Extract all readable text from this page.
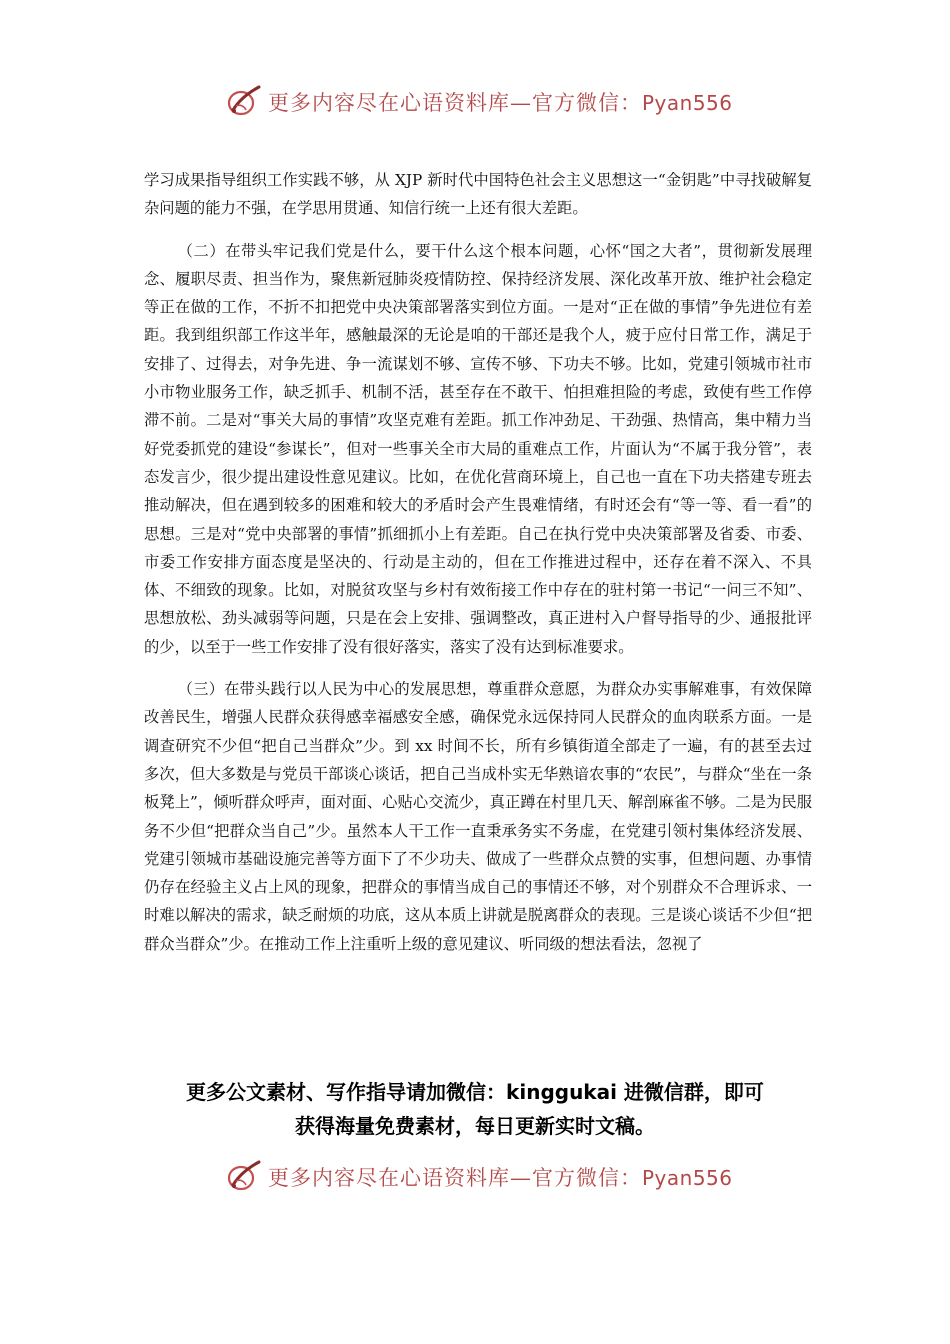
更多内容尽在心语资料库—官方微信：Pyan556

学习成果指导组织工作实践不够，从 XJP 新时代中国特色社会主义思想这一“金钥匙”中寻找破解复杂问题的能力不强，在学思用贯通、知信行统一上还有很大差距。

（二）在带头牢记我们党是什么，要干什么这个根本问题，心怀“国之大者”，贯彻新发展理念、履职尽责、担当作为，聚焦新冠肺炎疫情防控、保持经济发展、深化改革开放、维护社会稳定等正在做的工作，不折不扣把党中央决策部署落实到位方面。一是对“正在做的事情”争先进位有差距。我到组织部工作这半年，感触最深的无论是咱的干部还是我个人，疲于应付日常工作，满足于安排了、过得去，对争先进、争一流谋划不够、宣传不够、下功夫不够。比如，党建引领城市社市小市物业服务工作，缺乏抓手、机制不活，甚至存在不敢干、怕担难担险的考虑，致使有些工作停滞不前。二是对“事关大局的事情”攻坚克难有差距。抓工作冲劲足、干劲强、热情高，集中精力当好党委抓党的建设“参谋长”，但对一些事关全市大局的重难点工作，片面认为“不属于我分管”，表态发言少，很少提出建设性意见建议。比如，在优化营商环境上，自己也一直在下功夫搭建专班去推动解决，但在遇到较多的困难和较大的矛盾时会产生畏难情绪，有时还会有“等一等、看一看”的思想。三是对“党中央部署的事情”抓细抓小上有差距。自己在执行党中央决策部署及省委、市委、市委工作安排方面态度是坚决的、行动是主动的，但在工作推进过程中，还存在着不深入、不具体、不细致的现象。比如，对脱贫攻坚与乡村有效衔接工作中存在的驻村第一书记“一问三不知”、思想放松、劲头减弱等问题，只是在会上安排、强调整改，真正进村入户督导指导的少、通报批评的少，以至于一些工作安排了没有很好落实，落实了没有达到标准要求。

（三）在带头践行以人民为中心的发展思想，尊重群众意愿，为群众办实事解难事，有效保障改善民生，增强人民群众获得感幸福感安全感，确保党永远保持同人民群众的血肉联系方面。一是调查研究不少但“把自己当群众”少。到 xx 时间不长，所有乡镇街道全部走了一遍，有的甚至去过多次，但大多数是与党员干部谈心谈话，把自己当成朴实无华熟谙农事的“农民”，与群众“坐在一条板凳上”，倾听群众呼声，面对面、心贴心交流少，真正蹲在村里几天、解剖麻雀不够。二是为民服务不少但“把群众当自己”少。虽然本人干工作一直秉承务实不务虚，在党建引领村集体经济发展、党建引领城市基础设施完善等方面下了不少功夫、做成了一些群众点赞的实事，但想问题、办事情仍存在经验主义占上风的现象，把群众的事情当成自己的事情还不够，对个别群众不合理诉求、一时难以解决的需求，缺乏耐烦的功底，这从本质上讲就是脱离群众的表现。三是谈心谈话不少但“把群众当群众”少。在推动工作上注重听上级的意见建议、听同级的想法看法，忽视了

更多公文素材、写作指导请加微信：kinggukai 进微信群，即可
获得海量免费素材，每日更新实时文稿。
更多内容尽在心语资料库—官方微信：Pyan556
